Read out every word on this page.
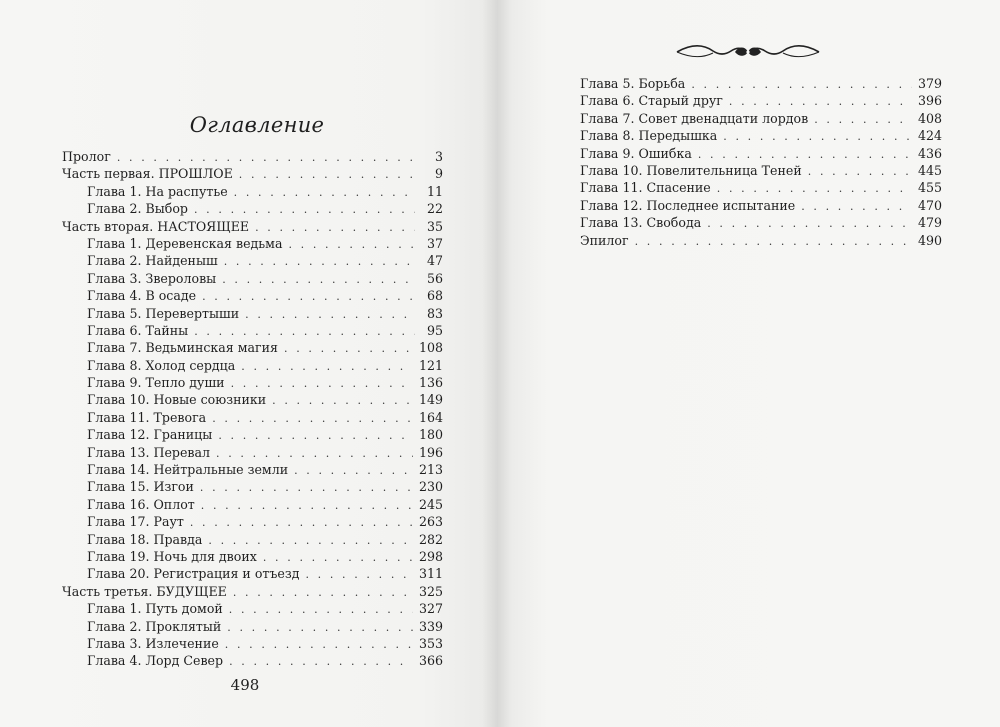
Оглавление
Пролог . . .	3
Часть первая. ПРОШЛОЕ . . .	9
Глава 1. На распутье . . .	11
Глава 2. Выбор . . .	22
Часть вторая. НАСТОЯЩЕЕ . . .	35
Глава 1. Деревенская ведьма . . .	37
Глава 2. Найденыш . . .	47
Глава 3. Звероловы . . .	56
Глава 4. В осаде . . .	68
Глава 5. Перевертыши . . .	83
Глава 6. Тайны . . .	95
Глава 7. Ведьминская магия . . .	108
Глава 8. Холод сердца . . .	121
Глава 9. Тепло души . . .	136
Глава 10. Новые союзники . . .	149
Глава 11. Тревога . . .	164
Глава 12. Границы . . .	180
Глава 13. Перевал . . .	196
Глава 14. Нейтральные земли . . .	213
Глава 15. Изгои . . .	230
Глава 16. Оплот . . .	245
Глава 17. Раут . . .	263
Глава 18. Правда . . .	282
Глава 19. Ночь для двоих . . .	298
Глава 20. Регистрация и отъезд . . .	311
Часть третья. БУДУЩЕЕ . . .	325
Глава 1. Путь домой . . .	327
Глава 2. Проклятый . . .	339
Глава 3. Излечение . . .	353
Глава 4. Лорд Север . . .	366
Глава 5. Борьба . . .	379
Глава 6. Старый друг . . .	396
Глава 7. Совет двенадцати лордов . . .	408
Глава 8. Передышка . . .	424
Глава 9. Ошибка . . .	436
Глава 10. Повелительница Теней . . .	445
Глава 11. Спасение . . .	455
Глава 12. Последнее испытание . . .	470
Глава 13. Свобода . . .	479
Эпилог . . .	490
498
